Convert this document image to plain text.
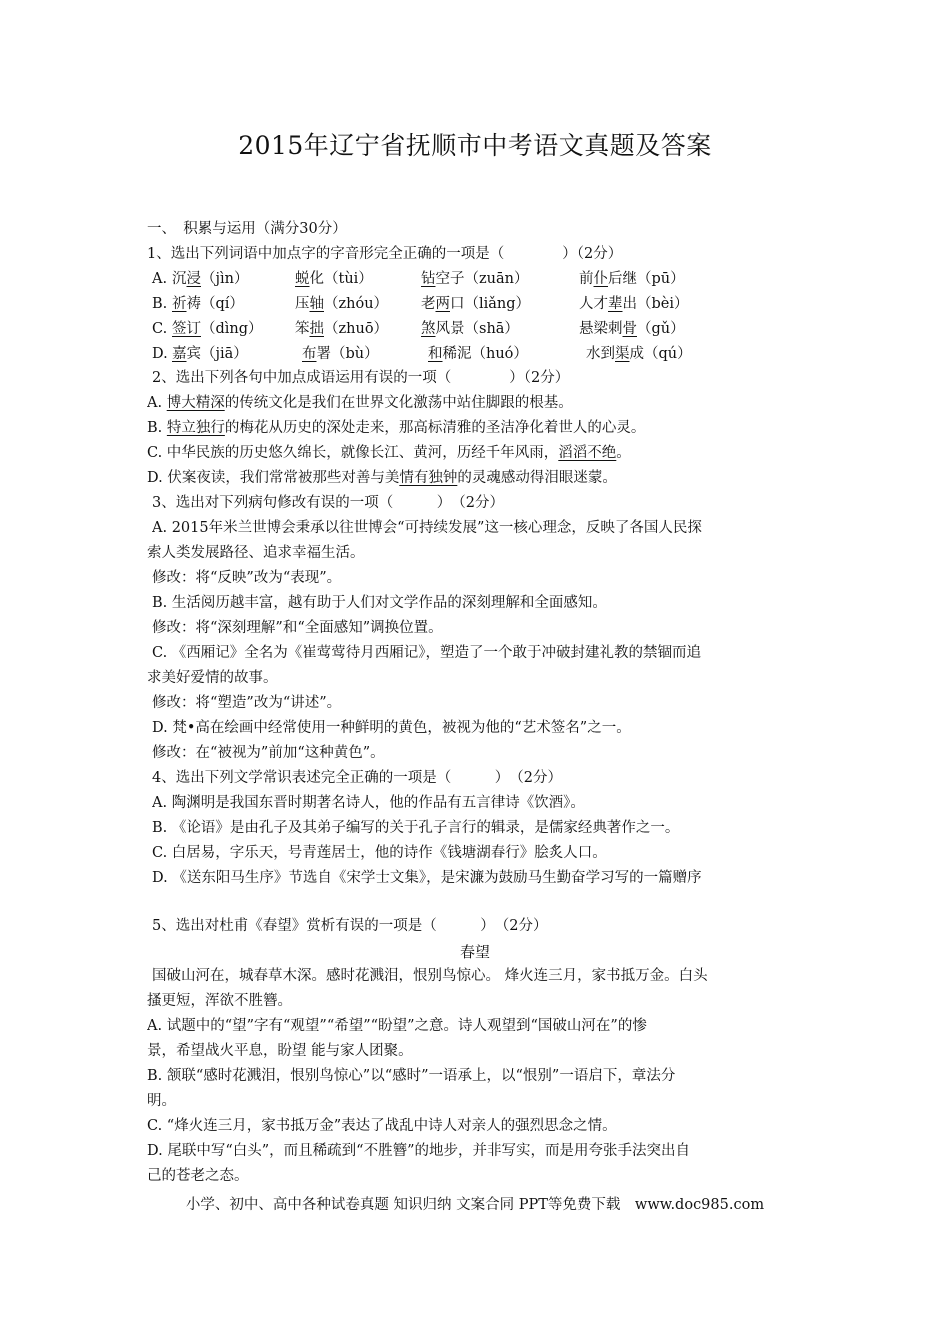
2015年辽宁省抚顺市中考语文真题及答案
一、　积累与运用（满分30分）
1、选出下列词语中加点字的字音形完全正确的一项是（　　　　）（2分）
A. 沉浸（jìn）	蜕化（tùi）	钻空子（zuān）	前仆后继（pū）
B. 祈祷（qí）	压轴（zhóu） 老两口（liǎng）	人才辈出（bèi）
C. 签订（dìng） 笨拙（zhuō） 煞风景（shā）	悬梁刺骨（gǔ）
D. 嘉宾（jiā）	布署（bù）	和稀泥（huó）	水到渠成（qú）
2、选出下列各句中加点成语运用有误的一项（　　　　）（2分）
A. 博大精深的传统文化是我们在世界文化激荡中站住脚跟的根基。
B. 特立独行的梅花从历史的深处走来，那高标清雅的圣洁净化着世人的心灵。
C. 中华民族的历史悠久绵长，就像长江、黄河，历经千年风雨，滔滔不绝。
D. 伏案夜读，我们常常被那些对善与美情有独钟的灵魂感动得泪眼迷蒙。
3、选出对下列病句修改有误的一项（　　　）　（2分）
A. 2015年米兰世博会秉承以往世博会“可持续发展”这一核心理念，反映了各国人民探
索人类发展路径、追求幸福生活。
修改：将“反映”改为“表现”。
B. 生活阅历越丰富，越有助于人们对文学作品的深刻理解和全面感知。
修改：将“深刻理解”和“全面感知”调换位置。
C. 《西厢记》全名为《崔莺莺待月西厢记》，塑造了一个敢于冲破封建礼教的禁锢而追
求美好爱情的故事。
修改：将“塑造”改为“讲述”。
D. 梵•高在绘画中经常使用一种鲜明的黄色，被视为他的“艺术签名”之一。
修改：在“被视为”前加“这种黄色”。
4、选出下列文学常识表述完全正确的一项是（　　　）　（2分）
A. 陶渊明是我国东晋时期著名诗人，他的作品有五言律诗《饮酒》。
B. 《论语》是由孔子及其弟子编写的关于孔子言行的辑录，是儒家经典著作之一。
C. 白居易，字乐天，号青莲居士，他的诗作《钱塘湖春行》脍炙人口。
D. 《送东阳马生序》节选自《宋学士文集》，是宋濂为鼓励马生勤奋学习写的一篇赠序
5、选出对杜甫《春望》赏析有误的一项是（　　　）　（2分）
春望
国破山河在，城春草木深。感时花溅泪，恨别鸟惊心。 烽火连三月，家书抵万金。白头
搔更短，浑欲不胜簪。
A. 试题中的“望”字有“观望”“希望”“盼望”之意。诗人观望到“国破山河在”的惨
景，希望战火平息，盼望 能与家人团聚。
B. 颔联“感时花溅泪，恨别鸟惊心”以“感时”一语承上，以“恨别”一语启下，章法分
明。
C. “烽火连三月，家书抵万金”表达了战乱中诗人对亲人的强烈思念之情。
D. 尾联中写“白头”，而且稀疏到“不胜簪”的地步，并非写实，而是用夸张手法突出自
己的苍老之态。
小学、初中、高中各种试卷真题 知识归纳 文案合同 PPT等免费下载　www.doc985.com
